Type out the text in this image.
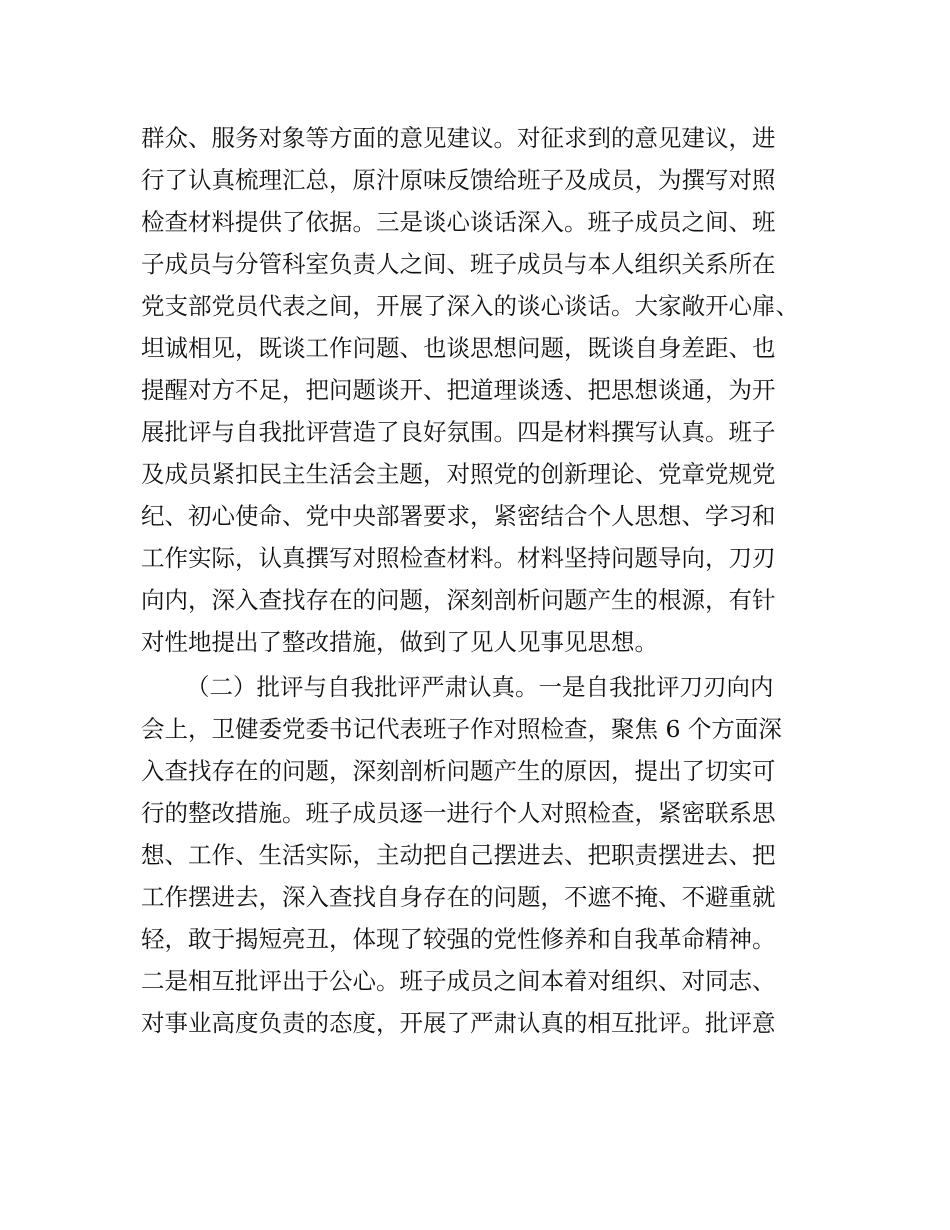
群众、服务对象等方面的意见建议。对征求到的意见建议，进
行了认真梳理汇总，原汁原味反馈给班子及成员，为撰写对照
检查材料提供了依据。三是谈心谈话深入。班子成员之间、班
子成员与分管科室负责人之间、班子成员与本人组织关系所在
党支部党员代表之间，开展了深入的谈心谈话。大家敞开心扉、
坦诚相见，既谈工作问题、也谈思想问题，既谈自身差距、也
提醒对方不足，把问题谈开、把道理谈透、把思想谈通，为开
展批评与自我批评营造了良好氛围。四是材料撰写认真。班子
及成员紧扣民主生活会主题，对照党的创新理论、党章党规党
纪、初心使命、党中央部署要求，紧密结合个人思想、学习和
工作实际，认真撰写对照检查材料。材料坚持问题导向，刀刃
向内，深入查找存在的问题，深刻剖析问题产生的根源，有针
对性地提出了整改措施，做到了见人见事见思想。
（二）批评与自我批评严肃认真。一是自我批评刀刃向内
会上，卫健委党委书记代表班子作对照检查，聚焦 6 个方面深
入查找存在的问题，深刻剖析问题产生的原因，提出了切实可
行的整改措施。班子成员逐一进行个人对照检查，紧密联系思
想、工作、生活实际，主动把自己摆进去、把职责摆进去、把
工作摆进去，深入查找自身存在的问题，不遮不掩、不避重就
轻，敢于揭短亮丑，体现了较强的党性修养和自我革命精神。
二是相互批评出于公心。班子成员之间本着对组织、对同志、
对事业高度负责的态度，开展了严肃认真的相互批评。批评意
